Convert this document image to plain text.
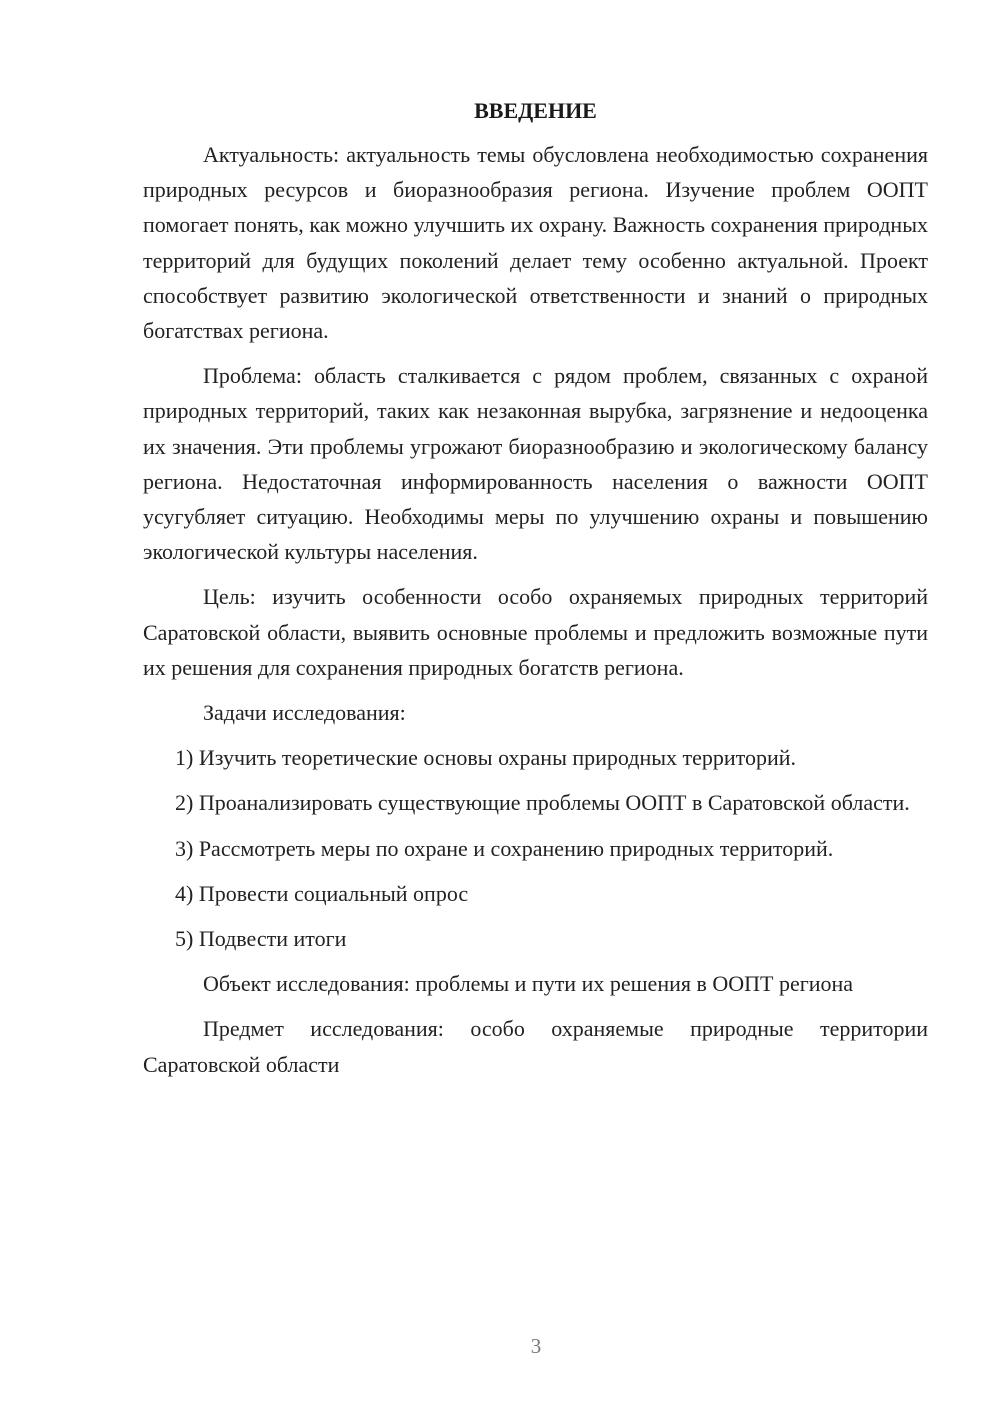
ВВЕДЕНИЕ

Актуальность: актуальность темы обусловлена необходимостью сохранения природных ресурсов и биоразнообразия региона. Изучение проблем ООПТ помогает понять, как можно улучшить их охрану. Важность сохранения природных территорий для будущих поколений делает тему особенно актуальной. Проект способствует развитию экологической ответственности и знаний о природных богатствах региона.

Проблема: область сталкивается с рядом проблем, связанных с охраной природных территорий, таких как незаконная вырубка, загрязнение и недооценка их значения. Эти проблемы угрожают биоразнообразию и экологическому балансу региона. Недостаточная информированность населения о важности ООПТ усугубляет ситуацию. Необходимы меры по улучшению охраны и повышению экологической культуры населения.

Цель: изучить особенности особо охраняемых природных территорий Саратовской области, выявить основные проблемы и предложить возможные пути их решения для сохранения природных богатств региона.

Задачи исследования:

1) Изучить теоретические основы охраны природных территорий.

2) Проанализировать существующие проблемы ООПТ в Саратовской области.

3) Рассмотреть меры по охране и сохранению природных территорий.

4) Провести социальный опрос

5) Подвести итоги

Объект исследования: проблемы и пути их решения в ООПТ региона

Предмет исследования: особо охраняемые природные территории Саратовской области

3
